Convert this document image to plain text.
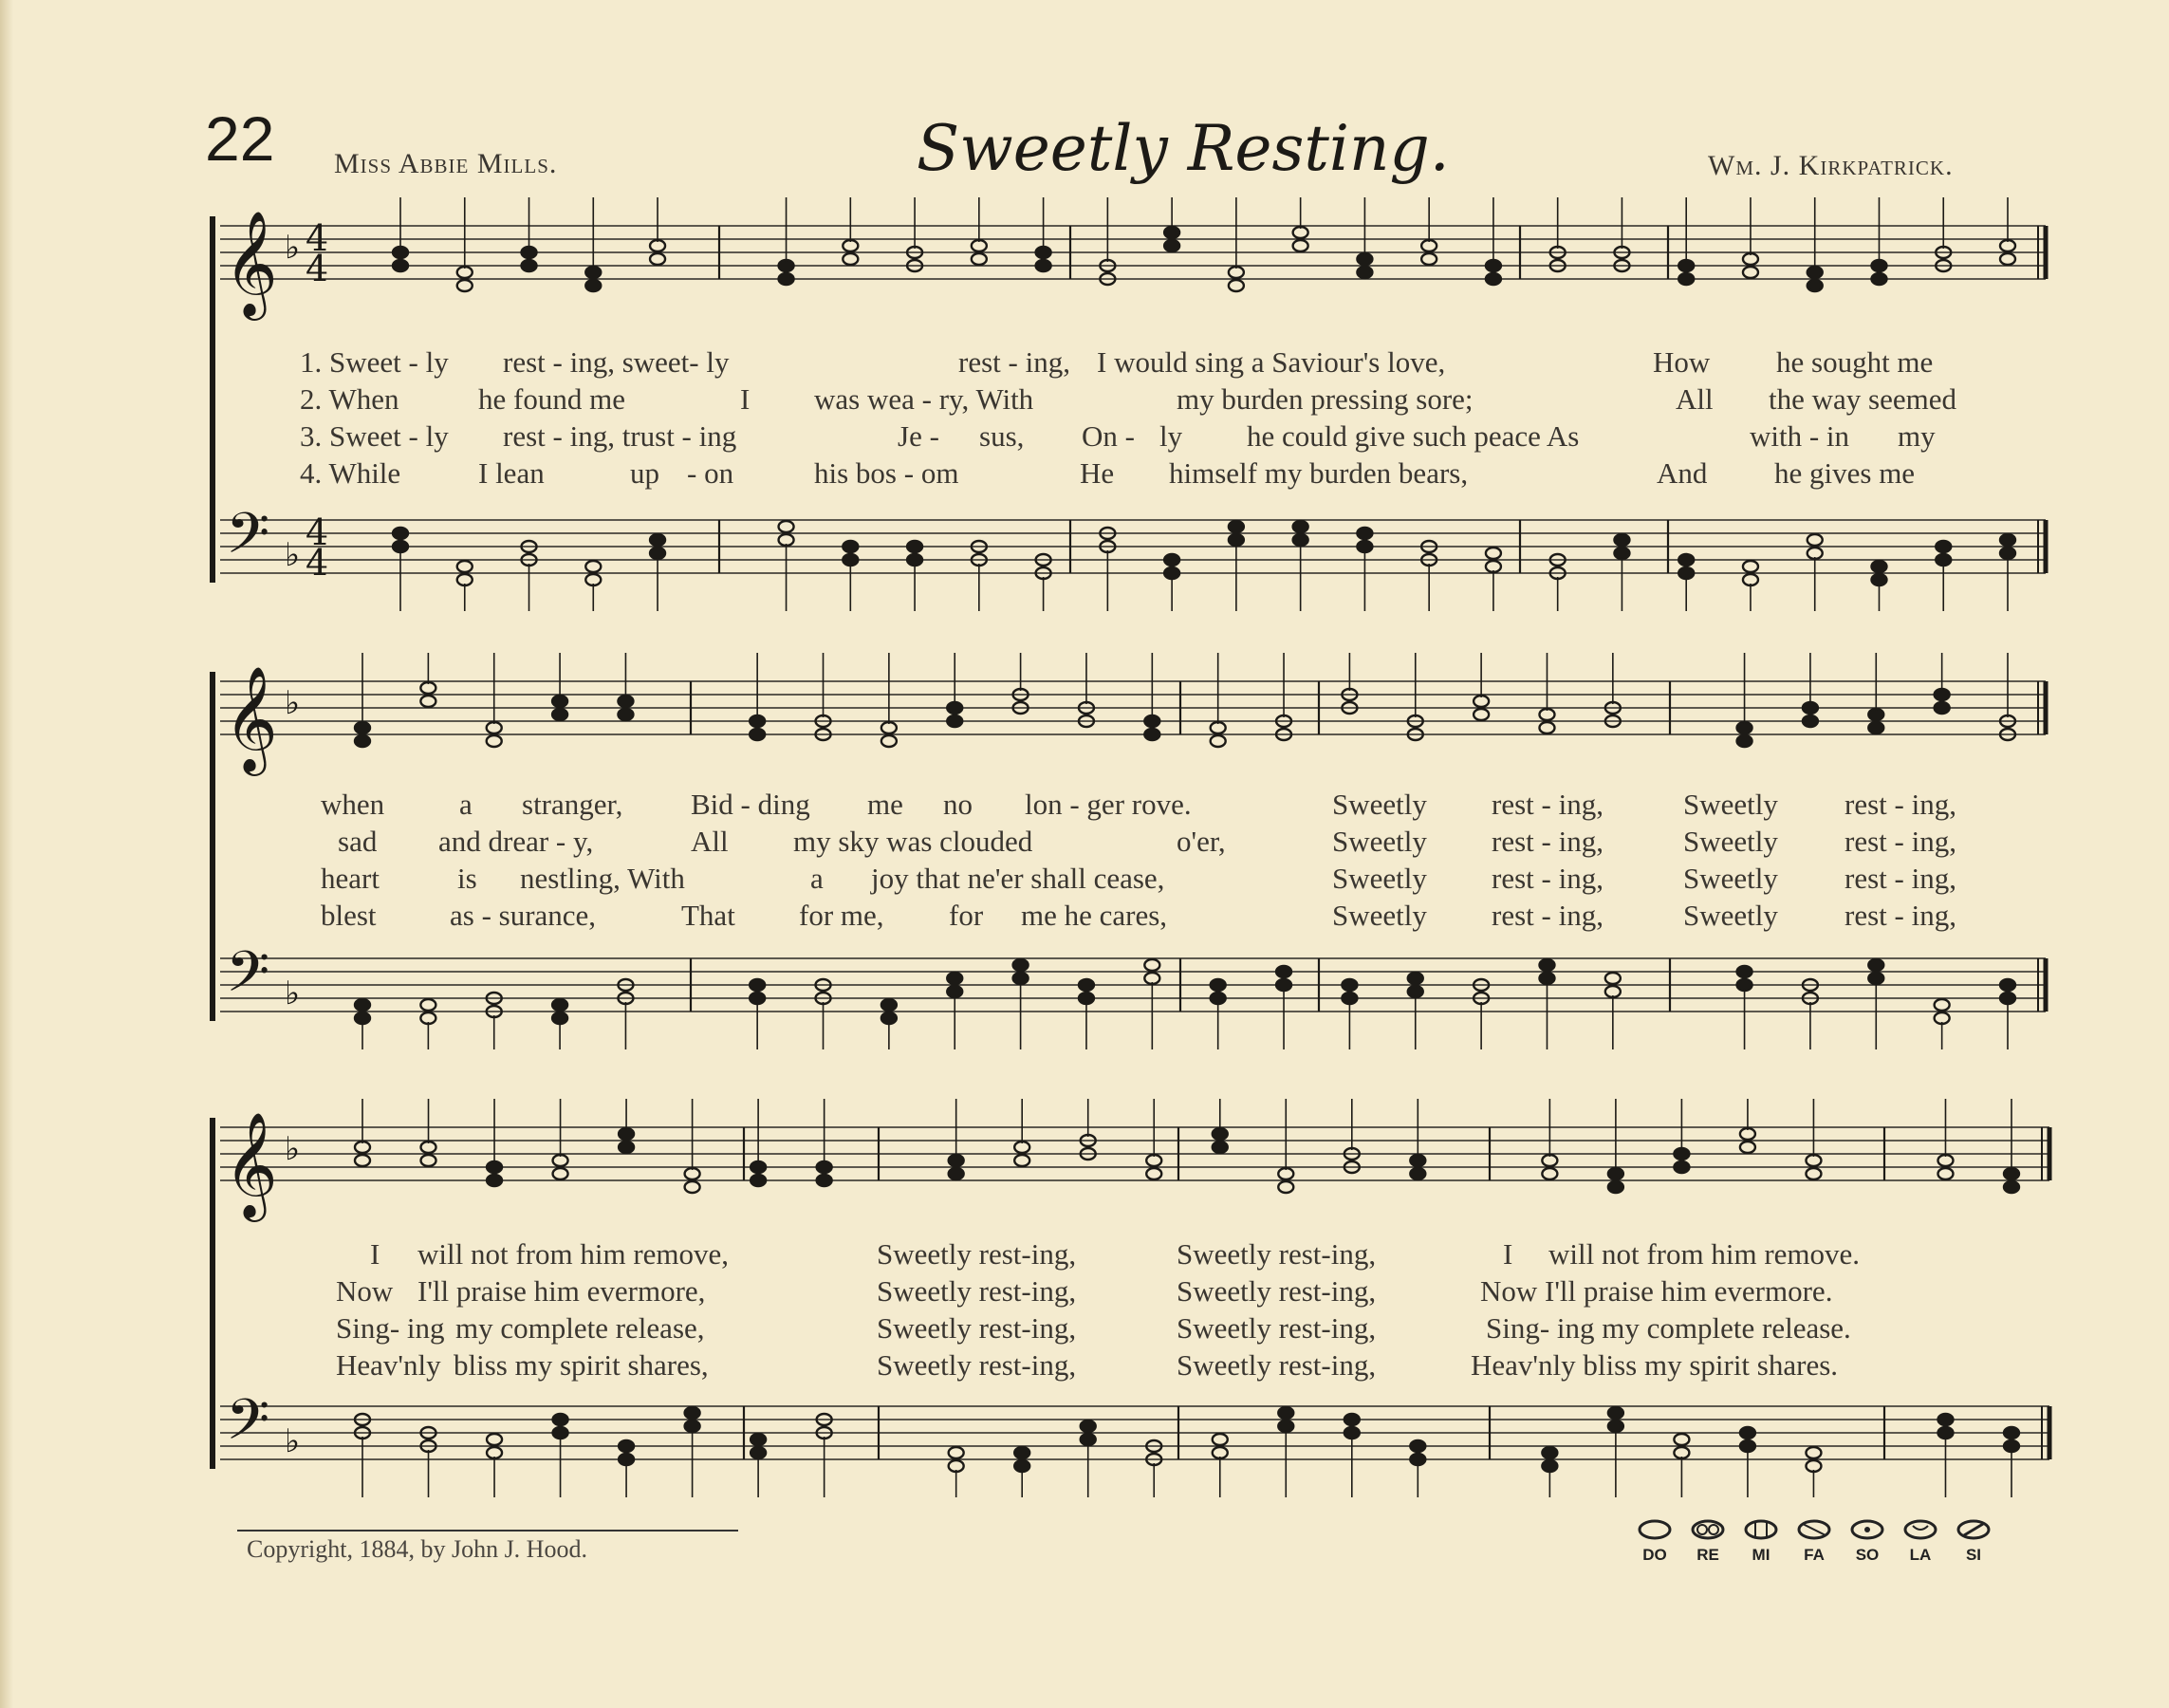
22 Miss Abbie Mills.	Sweetly Resting.	Wm. J. Kirkpatrick.
𝄞 ♭ 4
4
𝄢 ♭
4
4
𝄞 ♭
𝄢 ♭
𝄞 ♭
𝄢 ♭
1. Sweet - ly rest - ing, sweet- ly	rest - ing, I would sing a Saviour's love,	How he sought me
2. When	he found me	I was wea - ry, With	my burden pressing sore;	All the way seemed
3. Sweet - ly rest - ing, trust - ing	Je - sus, On - ly he could give such peace As	with - in my
4. While	I lean	up - on	his bos - om	He himself my burden bears,	And he gives me
when	a stranger, Bid - ding me no lon - ger rove.	Sweetly rest - ing,	Sweetly rest - ing,
sad and drear - y,	All my sky was clouded	o'er,	Sweetly rest - ing,	Sweetly rest - ing,
heart	is nestling, With	a joy that ne'er shall cease,	Sweetly rest - ing,	Sweetly rest - ing,
blest as - surance,	That for me, for me he cares,	Sweetly rest - ing,	Sweetly rest - ing,
I will not from him remove,	Sweetly rest-ing,	Sweetly rest-ing,	I will not from him remove.
Now I'll praise him evermore,	Sweetly rest-ing,	Sweetly rest-ing,	Now I'll praise him evermore.
Sing- ing my complete release,	Sweetly rest-ing,	Sweetly rest-ing,	Sing- ing my complete release.
Heav'nly bliss my spirit shares,	Sweetly rest-ing,	Sweetly rest-ing,	Heav'nly bliss my spirit shares.
Copyright, 1884, by John J. Hood.	DO	RE	MI	FA	SO	LA	SI
